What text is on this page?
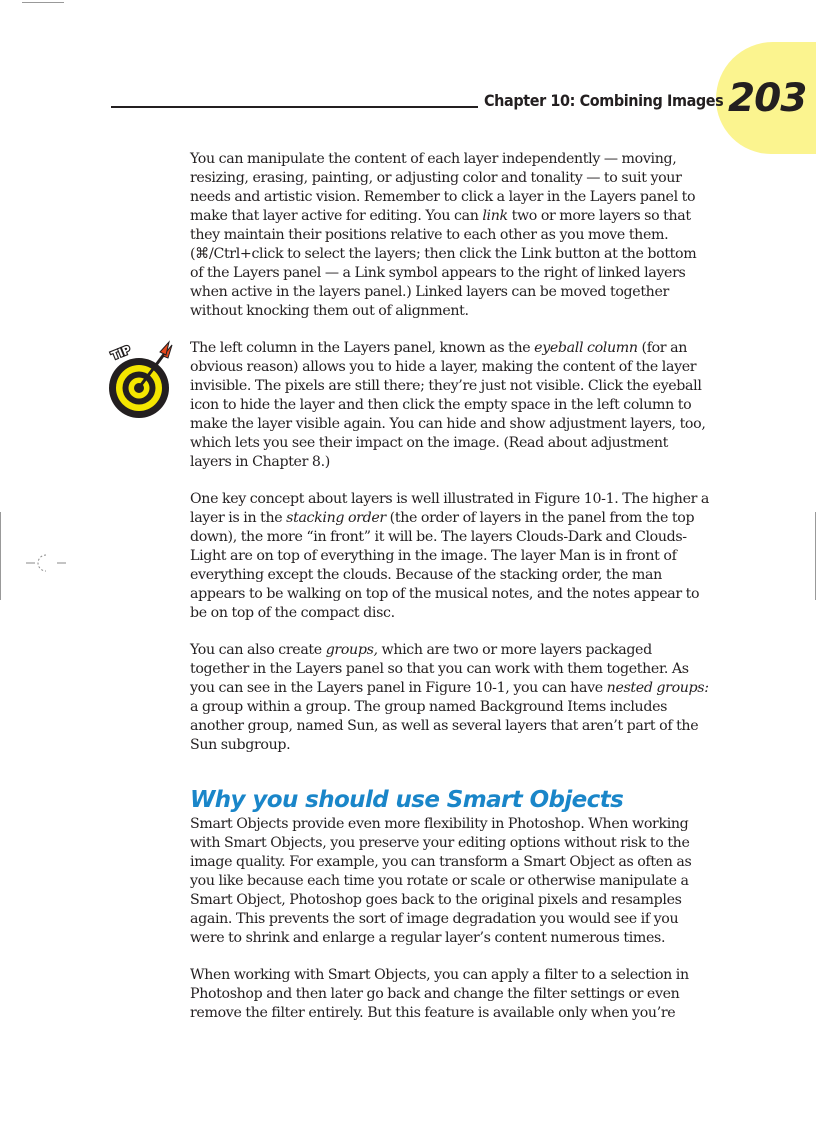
203
Chapter 10: Combining Images
TIP

You can manipulate the content of each layer independently — moving, resizing, erasing, painting, or adjusting color and tonality — to suit your needs and artistic vision. Remember to click a layer in the Layers panel to make that layer active for editing. You can link two or more layers so that they maintain their positions relative to each other as you move them. (⌘/Ctrl+click to select the layers; then click the Link button at the bottom of the Layers panel — a Link symbol appears to the right of linked layers when active in the layers panel.) Linked layers can be moved together without knocking them out of alignment.

The left column in the Layers panel, known as the eyeball column (for an obvious reason) allows you to hide a layer, making the content of the layer invisible. The pixels are still there; they’re just not visible. Click the eyeball icon to hide the layer and then click the empty space in the left column to make the layer visible again. You can hide and show adjustment layers, too, which lets you see their impact on the image. (Read about adjustment layers in Chapter 8.)

One key concept about layers is well illustrated in Figure 10-1. The higher a layer is in the stacking order (the order of layers in the panel from the top down), the more “in front” it will be. The layers Clouds-Dark and Clouds-Light are on top of everything in the image. The layer Man is in front of everything except the clouds. Because of the stacking order, the man appears to be walking on top of the musical notes, and the notes appear to be on top of the compact disc.

You can also create groups, which are two or more layers packaged together in the Layers panel so that you can work with them together. As you can see in the Layers panel in Figure 10-1, you can have nested groups: a group within a group. The group named Background Items includes another group, named Sun, as well as several layers that aren’t part of the Sun subgroup.

Why you should use Smart Objects

Smart Objects provide even more flexibility in Photoshop. When working with Smart Objects, you preserve your editing options without risk to the image quality. For example, you can transform a Smart Object as often as you like because each time you rotate or scale or otherwise manipulate a Smart Object, Photoshop goes back to the original pixels and resamples again. This prevents the sort of image degradation you would see if you were to shrink and enlarge a regular layer’s content numerous times.

When working with Smart Objects, you can apply a filter to a selection in Photoshop and then later go back and change the filter settings or even remove the filter entirely. But this feature is available only when you’re
